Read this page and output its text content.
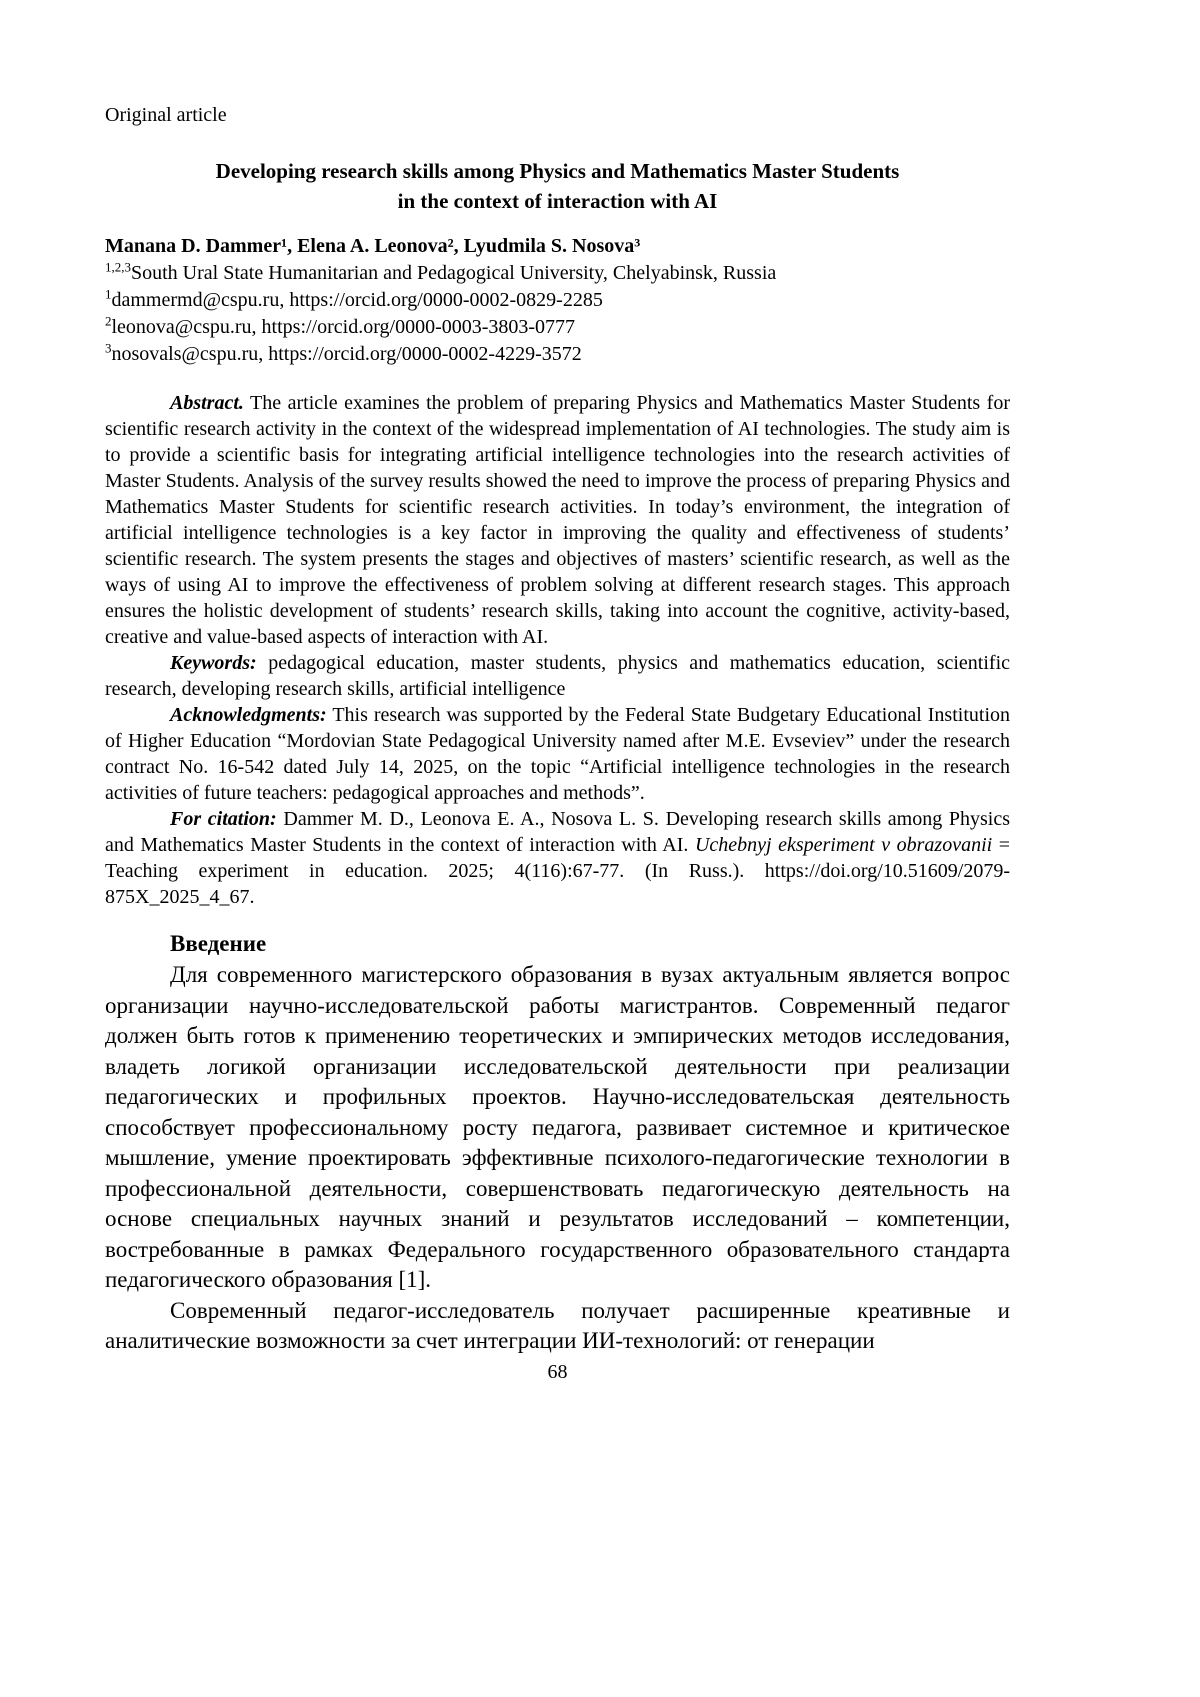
Original article
Developing research skills among Physics and Mathematics Master Students
in the context of interaction with AI
Manana D. Dammer¹, Elena A. Leonova², Lyudmila S. Nosova³
$^{1,2,3}$South Ural State Humanitarian and Pedagogical University, Chelyabinsk, Russia
$^1$dammermd@cspu.ru, https://orcid.org/0000-0002-0829-2285
$^2$leonova@cspu.ru, https://orcid.org/0000-0003-3803-0777
$^3$nosovals@cspu.ru, https://orcid.org/0000-0002-4229-3572

Abstract. The article examines the problem of preparing Physics and Mathematics Master Students for scientific research activity in the context of the widespread implementation of AI technologies. The study aim is to provide a scientific basis for integrating artificial intelligence technologies into the research activities of Master Students. Analysis of the survey results showed the need to improve the process of preparing Physics and Mathematics Master Students for scientific research activities. In today’s environment, the integration of artificial intelligence technologies is a key factor in improving the quality and effectiveness of students’ scientific research. The system presents the stages and objectives of masters’ scientific research, as well as the ways of using AI to improve the effectiveness of problem solving at different research stages. This approach ensures the holistic development of students’ research skills, taking into account the cognitive, activity-based, creative and value-based aspects of interaction with AI.

Keywords: pedagogical education, master students, physics and mathematics education, scientific research, developing research skills, artificial intelligence

Acknowledgments: This research was supported by the Federal State Budgetary Educational Institution of Higher Education “Mordovian State Pedagogical University named after M.E. Evseviev” under the research contract No. 16-542 dated July 14, 2025, on the topic “Artificial intelligence technologies in the research activities of future teachers: pedagogical approaches and methods”.

For citation: Dammer M. D., Leonova E. A., Nosova L. S. Developing research skills among Physics and Mathematics Master Students in the context of interaction with AI. Uchebnyj eksperiment v obrazovanii = Teaching experiment in education. 2025; 4(116):67-77. (In Russ.). https://doi.org/10.51609/2079-875X_2025_4_67.

Введение

Для современного магистерского образования в вузах актуальным является вопрос организации научно-исследовательской работы магистрантов. Современный педагог должен быть готов к применению теоретических и эмпирических методов исследования, владеть логикой организации исследовательской деятельности при реализации педагогических и профильных проектов. Научно-исследовательская деятельность способствует профессиональному росту педагога, развивает системное и критическое мышление, умение проектировать эффективные психолого-педагогические технологии в профессиональной деятельности, совершенствовать педагогическую деятельность на основе специальных научных знаний и результатов исследований – компетенции, востребованные в рамках Федерального государственного образовательного стандарта педагогического образования [1].

Современный педагог-исследователь получает расширенные креативные и аналитические возможности за счет интеграции ИИ-технологий: от генерации

68
